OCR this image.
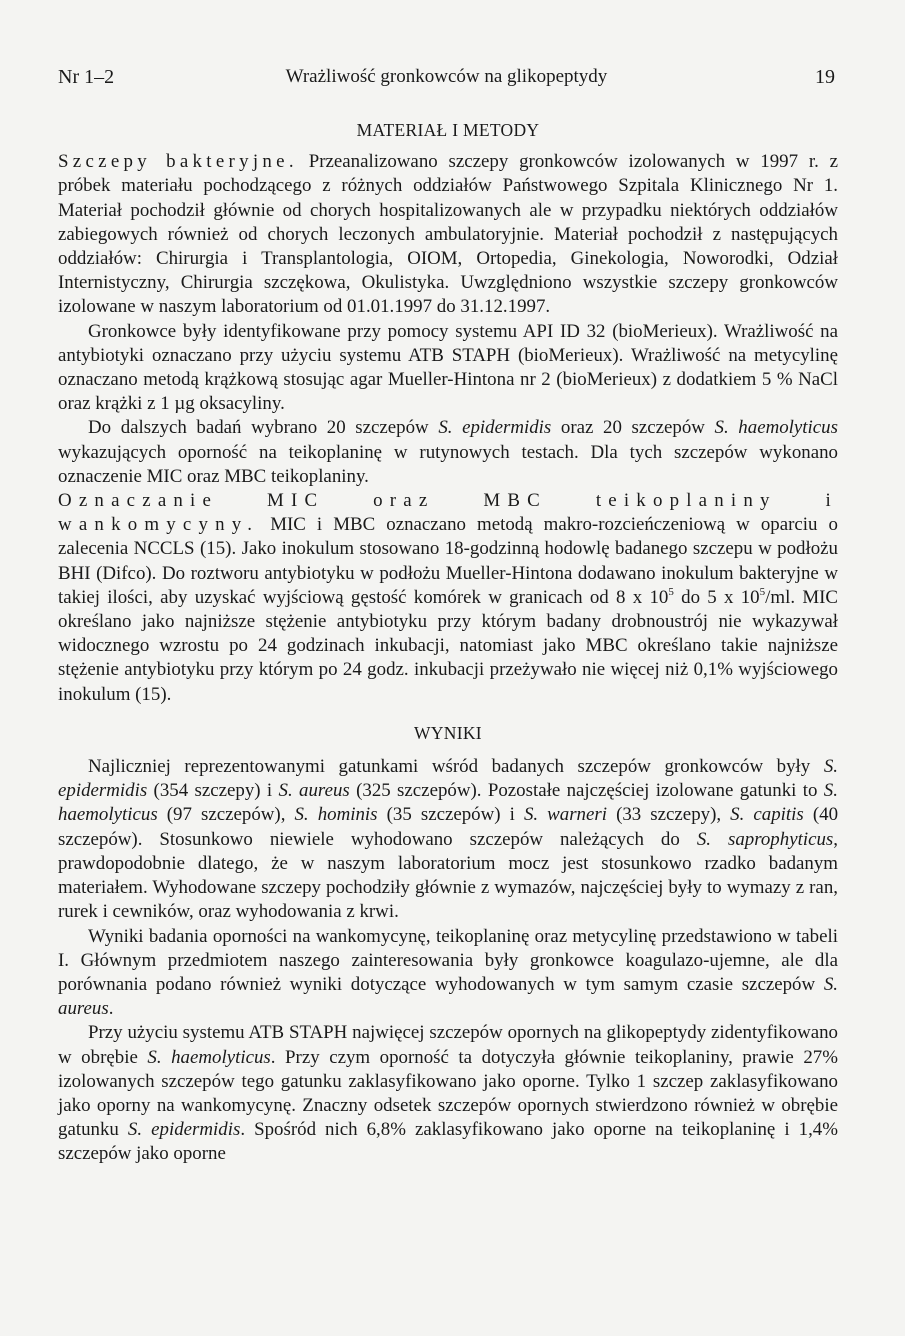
Wrażliwość gronkowców na glikopeptydy
Nr 1–2	19
MATERIAŁ I METODY

Szczepy bakteryjne. Przeanalizowano szczepy gronkowców izolowanych w 1997 r. z próbek materiału pochodzącego z różnych oddziałów Państwowego Szpitala Klinicznego Nr 1. Materiał pochodził głównie od chorych hospitalizowanych ale w przypadku niektórych oddziałów zabiegowych również od chorych leczonych ambulatoryjnie. Materiał pochodził z następujących oddziałów: Chirurgia i Transplantologia, OIOM, Ortopedia, Ginekologia, Noworodki, Odział Internistyczny, Chirurgia szczękowa, Okulistyka. Uwzględniono wszystkie szczepy gronkowców izolowane w naszym laboratorium od 01.01.1997 do 31.12.1997.

Gronkowce były identyfikowane przy pomocy systemu API ID 32 (bioMerieux). Wrażliwość na antybiotyki oznaczano przy użyciu systemu ATB STAPH (bioMerieux). Wrażliwość na metycylinę oznaczano metodą krążkową stosując agar Mueller-Hintona nr 2 (bioMerieux) z dodatkiem 5 % NaCl oraz krążki z 1 µg oksacyliny.

Do dalszych badań wybrano 20 szczepów S. epidermidis oraz 20 szczepów S. haemolyticus wykazujących oporność na teikoplaninę w rutynowych testach. Dla tych szczepów wykonano oznaczenie MIC oraz MBC teikoplaniny.

Oznaczanie MIC oraz MBC teikoplaniny i wankomycyny. MIC i MBC oznaczano metodą makro-rozcieńczeniową w oparciu o zalecenia NCCLS (15). Jako inokulum stosowano 18-godzinną hodowlę badanego szczepu w podłożu BHI (Difco). Do roztworu antybiotyku w podłożu Mueller-Hintona dodawano inokulum bakteryjne w takiej ilości, aby uzyskać wyjściową gęstość komórek w granicach od 8 x $10^5$ do 5 x $10^5/ml$. MIC określano jako najniższe stężenie antybiotyku przy którym badany drobnoustrój nie wykazywał widocznego wzrostu po 24 godzinach inkubacji, natomiast jako MBC określano takie najniższe stężenie antybiotyku przy którym po 24 godz. inkubacji przeżywało nie więcej niż 0,1% wyjściowego inokulum (15).

WYNIKI

Najliczniej reprezentowanymi gatunkami wśród badanych szczepów gronkowców były S. epidermidis (354 szczepy) i S. aureus (325 szczepów). Pozostałe najczęściej izolowane gatunki to S. haemolyticus (97 szczepów), S. hominis (35 szczepów) i S. warneri (33 szczepy), S. capitis (40 szczepów). Stosunkowo niewiele wyhodowano szczepów należących do S. saprophyticus, prawdopodobnie dlatego, że w naszym laboratorium mocz jest stosunkowo rzadko badanym materiałem. Wyhodowane szczepy pochodziły głównie z wymazów, najczęściej były to wymazy z ran, rurek i cewników, oraz wyhodowania z krwi.

Wyniki badania oporności na wankomycynę, teikoplaninę oraz metycylinę przedstawiono w tabeli I. Głównym przedmiotem naszego zainteresowania były gronkowce koagulazo-ujemne, ale dla porównania podano również wyniki dotyczące wyhodowanych w tym samym czasie szczepów S. aureus.

Przy użyciu systemu ATB STAPH najwięcej szczepów opornych na glikopeptydy zidentyfikowano w obrębie S. haemolyticus. Przy czym oporność ta dotyczyła głównie teikoplaniny, prawie 27% izolowanych szczepów tego gatunku zaklasyfikowano jako oporne. Tylko 1 szczep zaklasyfikowano jako oporny na wankomycynę. Znaczny odsetek szczepów opornych stwierdzono również w obrębie gatunku S. epidermidis. Spośród nich 6,8% zaklasyfikowano jako oporne na teikoplaninę i 1,4% szczepów jako oporne
